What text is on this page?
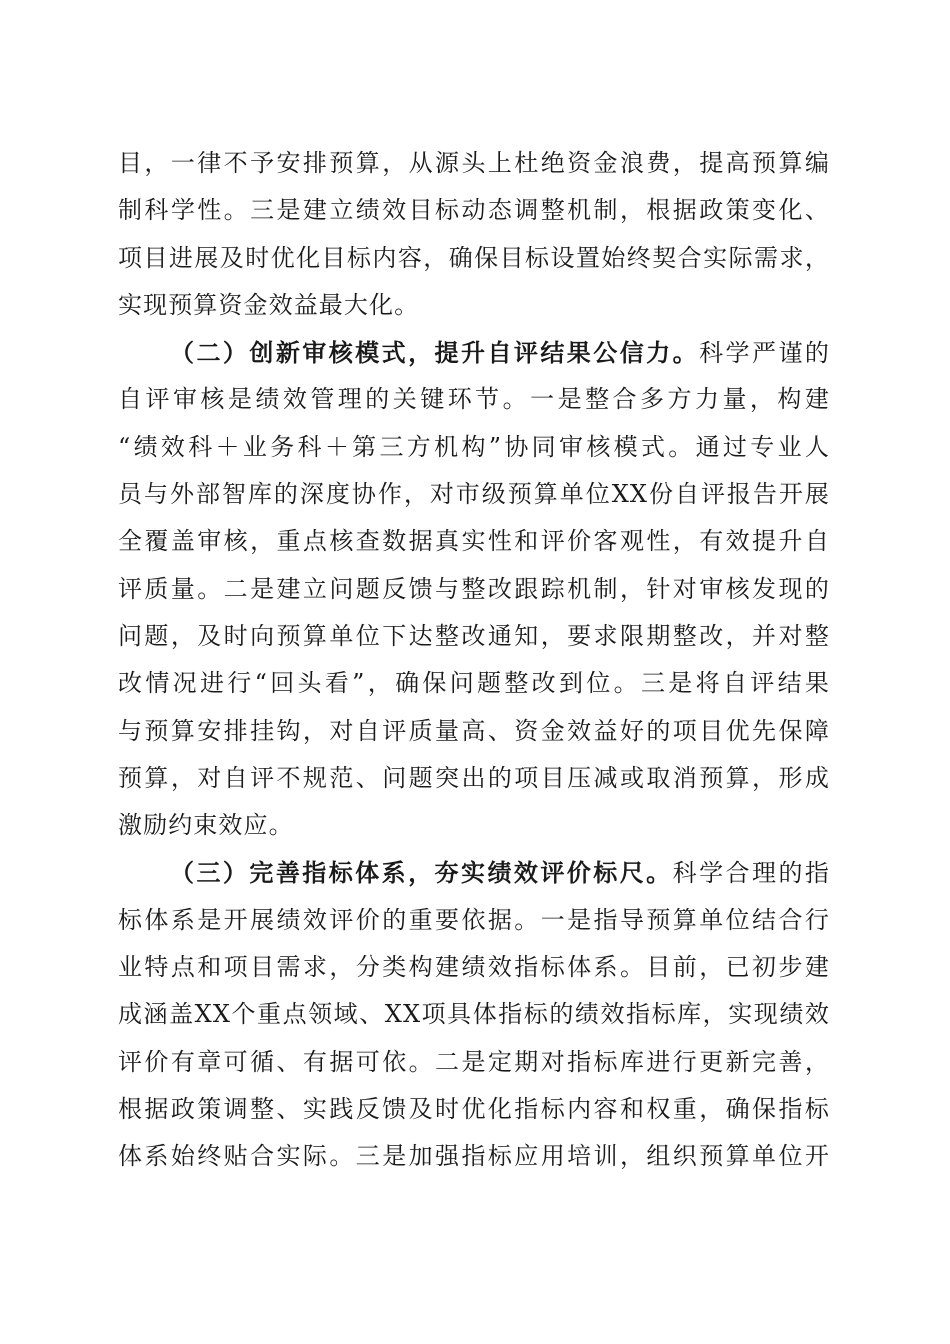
目，一律不予安排预算，从源头上杜绝资金浪费，提高预算编
制科学性。三是建立绩效目标动态调整机制，根据政策变化、
项目进展及时优化目标内容，确保目标设置始终契合实际需求，
实现预算资金效益最大化。
（二）创新审核模式，提升自评结果公信力。科学严谨的
自评审核是绩效管理的关键环节。一是整合多方力量，构建
“绩效科＋业务科＋第三方机构”协同审核模式。通过专业人
员与外部智库的深度协作，对市级预算单位XX份自评报告开展
全覆盖审核，重点核查数据真实性和评价客观性，有效提升自
评质量。二是建立问题反馈与整改跟踪机制，针对审核发现的
问题，及时向预算单位下达整改通知，要求限期整改，并对整
改情况进行“回头看”，确保问题整改到位。三是将自评结果
与预算安排挂钩，对自评质量高、资金效益好的项目优先保障
预算，对自评不规范、问题突出的项目压减或取消预算，形成
激励约束效应。
（三）完善指标体系，夯实绩效评价标尺。科学合理的指
标体系是开展绩效评价的重要依据。一是指导预算单位结合行
业特点和项目需求，分类构建绩效指标体系。目前，已初步建
成涵盖XX个重点领域、XX项具体指标的绩效指标库，实现绩效
评价有章可循、有据可依。二是定期对指标库进行更新完善，
根据政策调整、实践反馈及时优化指标内容和权重，确保指标
体系始终贴合实际。三是加强指标应用培训，组织预算单位开
